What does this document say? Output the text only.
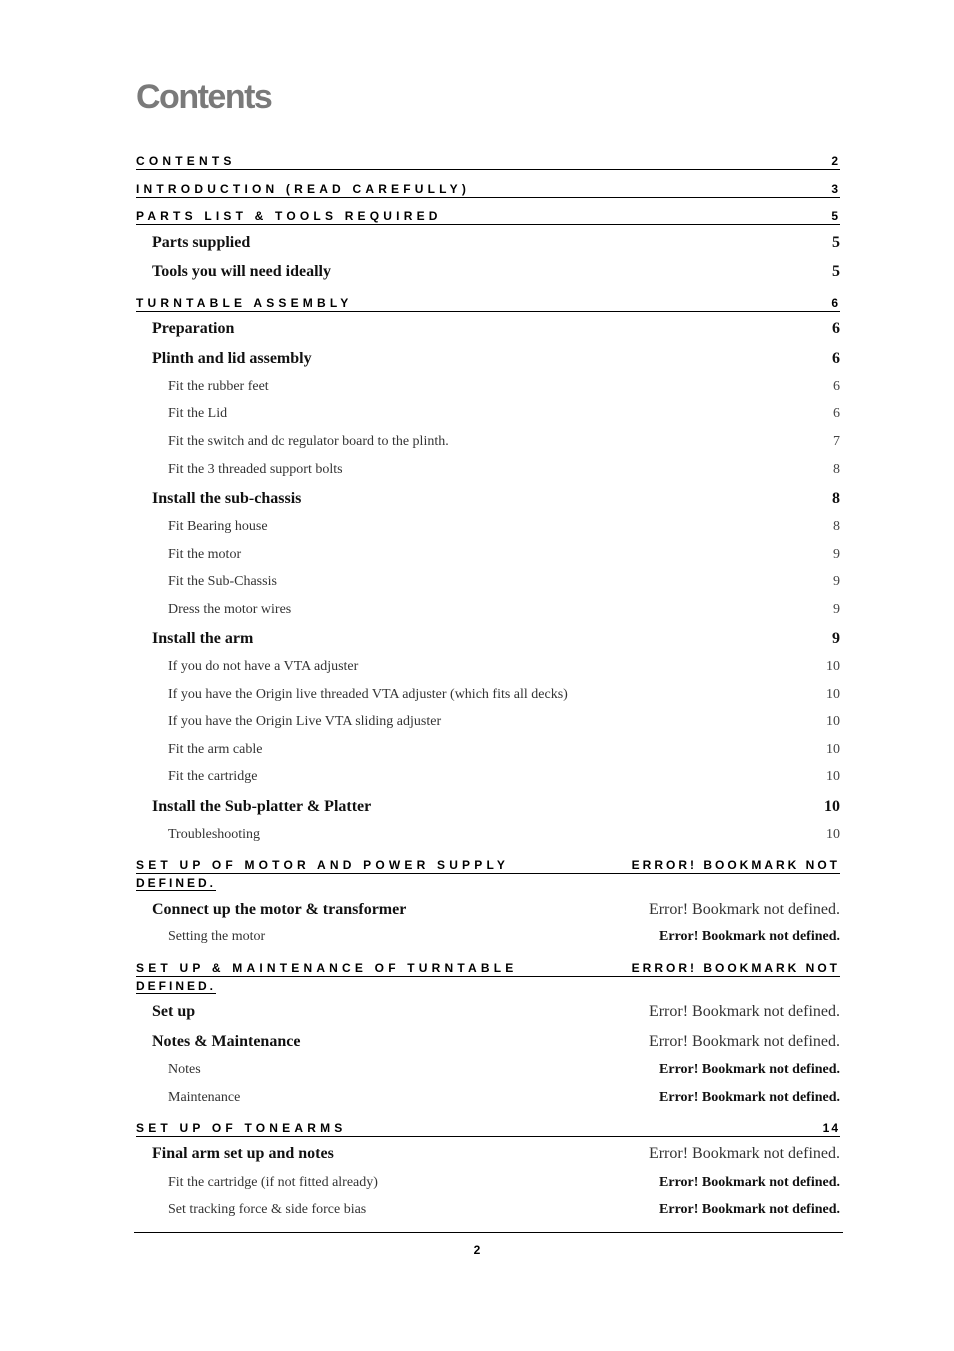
Contents
CONTENTS	2
INTRODUCTION (READ CAREFULLY)	3
PARTS LIST & TOOLS REQUIRED	5
Parts supplied	5
Tools you will need ideally	5
TURNTABLE ASSEMBLY	6
Preparation	6
Plinth and lid assembly	6
Fit the rubber feet	6
Fit the Lid	6
Fit the switch and dc regulator board to the plinth.	7
Fit the 3 threaded support bolts	8
Install the sub-chassis	8
Fit Bearing house	8
Fit the motor	9
Fit the Sub-Chassis	9
Dress the motor wires	9
Install the arm	9
If you do not have a VTA adjuster	10
If you have the Origin live threaded VTA adjuster (which fits all decks)	10
If you have the Origin Live VTA sliding adjuster	10
Fit the arm cable	10
Fit the cartridge	10
Install the Sub-platter & Platter	10
Troubleshooting	10
SET UP OF MOTOR AND POWER SUPPLY	ERROR! BOOKMARK NOT
DEFINED.
Connect up the motor & transformer	Error! Bookmark not defined.
Setting the motor	Error! Bookmark not defined.
SET UP & MAINTENANCE OF TURNTABLE	ERROR! BOOKMARK NOT
DEFINED.
Set up	Error! Bookmark not defined.
Notes & Maintenance	Error! Bookmark not defined.
Notes	Error! Bookmark not defined.
Maintenance	Error! Bookmark not defined.
SET UP OF TONEARMS	14
Final arm set up and notes	Error! Bookmark not defined.
Fit the cartridge (if not fitted already)	Error! Bookmark not defined.
Set tracking force & side force bias	Error! Bookmark not defined.
2
